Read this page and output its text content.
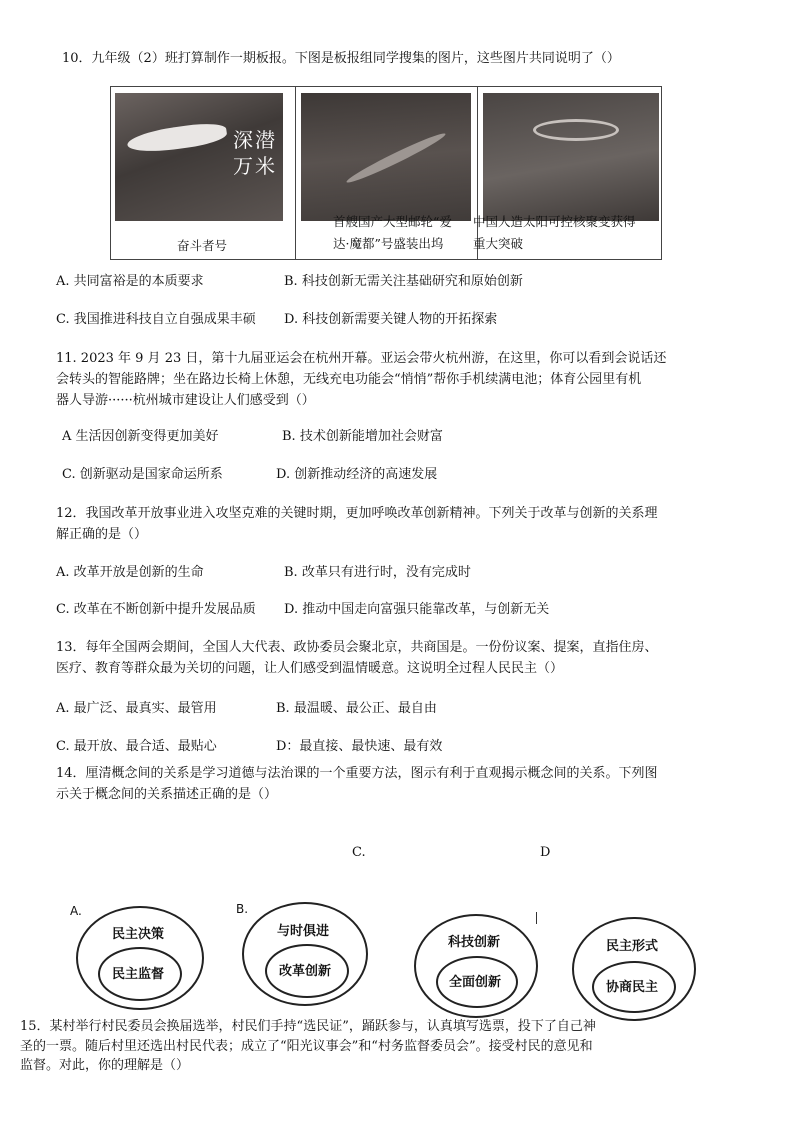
10．九年级（2）班打算制作一期板报。下图是板报组同学搜集的图片，这些图片共同说明了（）
深潜
万米
奋斗者号
首艘国产大型邮轮“爱
达·魔都”号盛装出坞
中国人造太阳可控核聚变获得
重大突破
A. 共同富裕是的本质要求	B. 科技创新无需关注基础研究和原始创新
C. 我国推进科技自立自强成果丰硕 D. 科技创新需要关键人物的开拓探索
11. 2023 年 9 月 23 日，第十九届亚运会在杭州开幕。亚运会带火杭州游，在这里，你可以看到会说话还
会转头的智能路牌；坐在路边长椅上休憩，无线充电功能会“悄悄”帮你手机续满电池；体育公园里有机
器人导游······杭州城市建设让人们感受到（）
A 生活因创新变得更加美好	B. 技术创新能增加社会财富
C. 创新驱动是国家命运所系	D. 创新推动经济的高速发展
12．我国改革开放事业进入攻坚克难的关键时期，更加呼唤改革创新精神。下列关于改革与创新的关系理
解正确的是（）
A. 改革开放是创新的生命	B. 改革只有进行时，没有完成时
C. 改革在不断创新中提升发展品质 D. 推动中国走向富强只能靠改革，与创新无关
13．每年全国两会期间，全国人大代表、政协委员会聚北京，共商国是。一份份议案、提案，直指住房、
医疗、教育等群众最为关切的问题，让人们感受到温情暖意。这说明全过程人民民主（）
A. 最广泛、最真实、最管用	B. 最温暖、最公正、最自由
C. 最开放、最合适、最贴心	D：最直接、最快速、最有效
14．厘清概念间的关系是学习道德与法治课的一个重要方法，图示有利于直观揭示概念间的关系。下列图
示关于概念间的关系描述正确的是（）
C.	D
A.
民主决策
民主监督
B.
与时俱进
改革创新
科技创新
全面创新
民主形式
协商民主
15．某村举行村民委员会换届选举，村民们手持“选民证”，踊跃参与，认真填写选票，投下了自己神
圣的一票。随后村里还选出村民代表；成立了“阳光议事会”和“村务监督委员会”。接受村民的意见和
监督。对此，你的理解是（）
